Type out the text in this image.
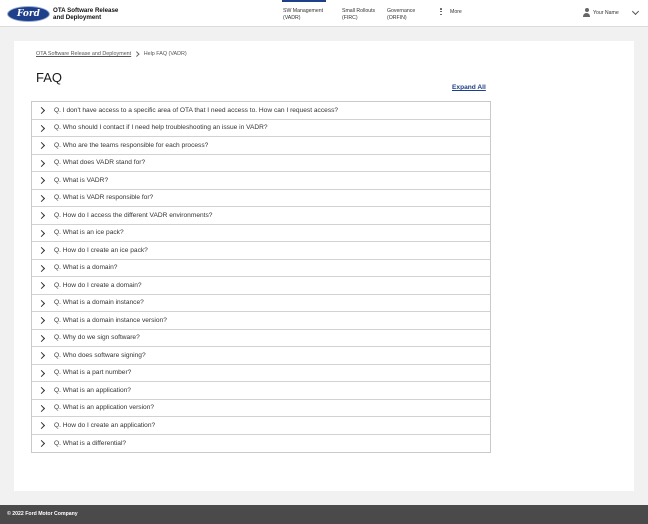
Ford OTA Software Release
and Deployment
SW Management
(VADR)
Small Rollouts
(FIRC)
Governance
(ORFIN)
More	Your Name
OTA Software Release and Deployment Help FAQ (VADR)
FAQ
Expand All
Q. I don't have access to a specific area of OTA that I need access to. How can I request access?
Q. Who should I contact if I need help troubleshooting an issue in VADR?
Q. Who are the teams responsible for each process?
Q. What does VADR stand for?
Q. What is VADR?
Q. What is VADR responsible for?
Q. How do I access the different VADR environments?
Q. What is an ice pack?
Q. How do I create an ice pack?
Q. What is a domain?
Q. How do I create a domain?
Q. What is a domain instance?
Q. What is a domain instance version?
Q. Why do we sign software?
Q. Who does software signing?
Q. What is a part number?
Q. What is an application?
Q. What is an application version?
Q. How do I create an application?
Q. What is a differential?
© 2022 Ford Motor Company
